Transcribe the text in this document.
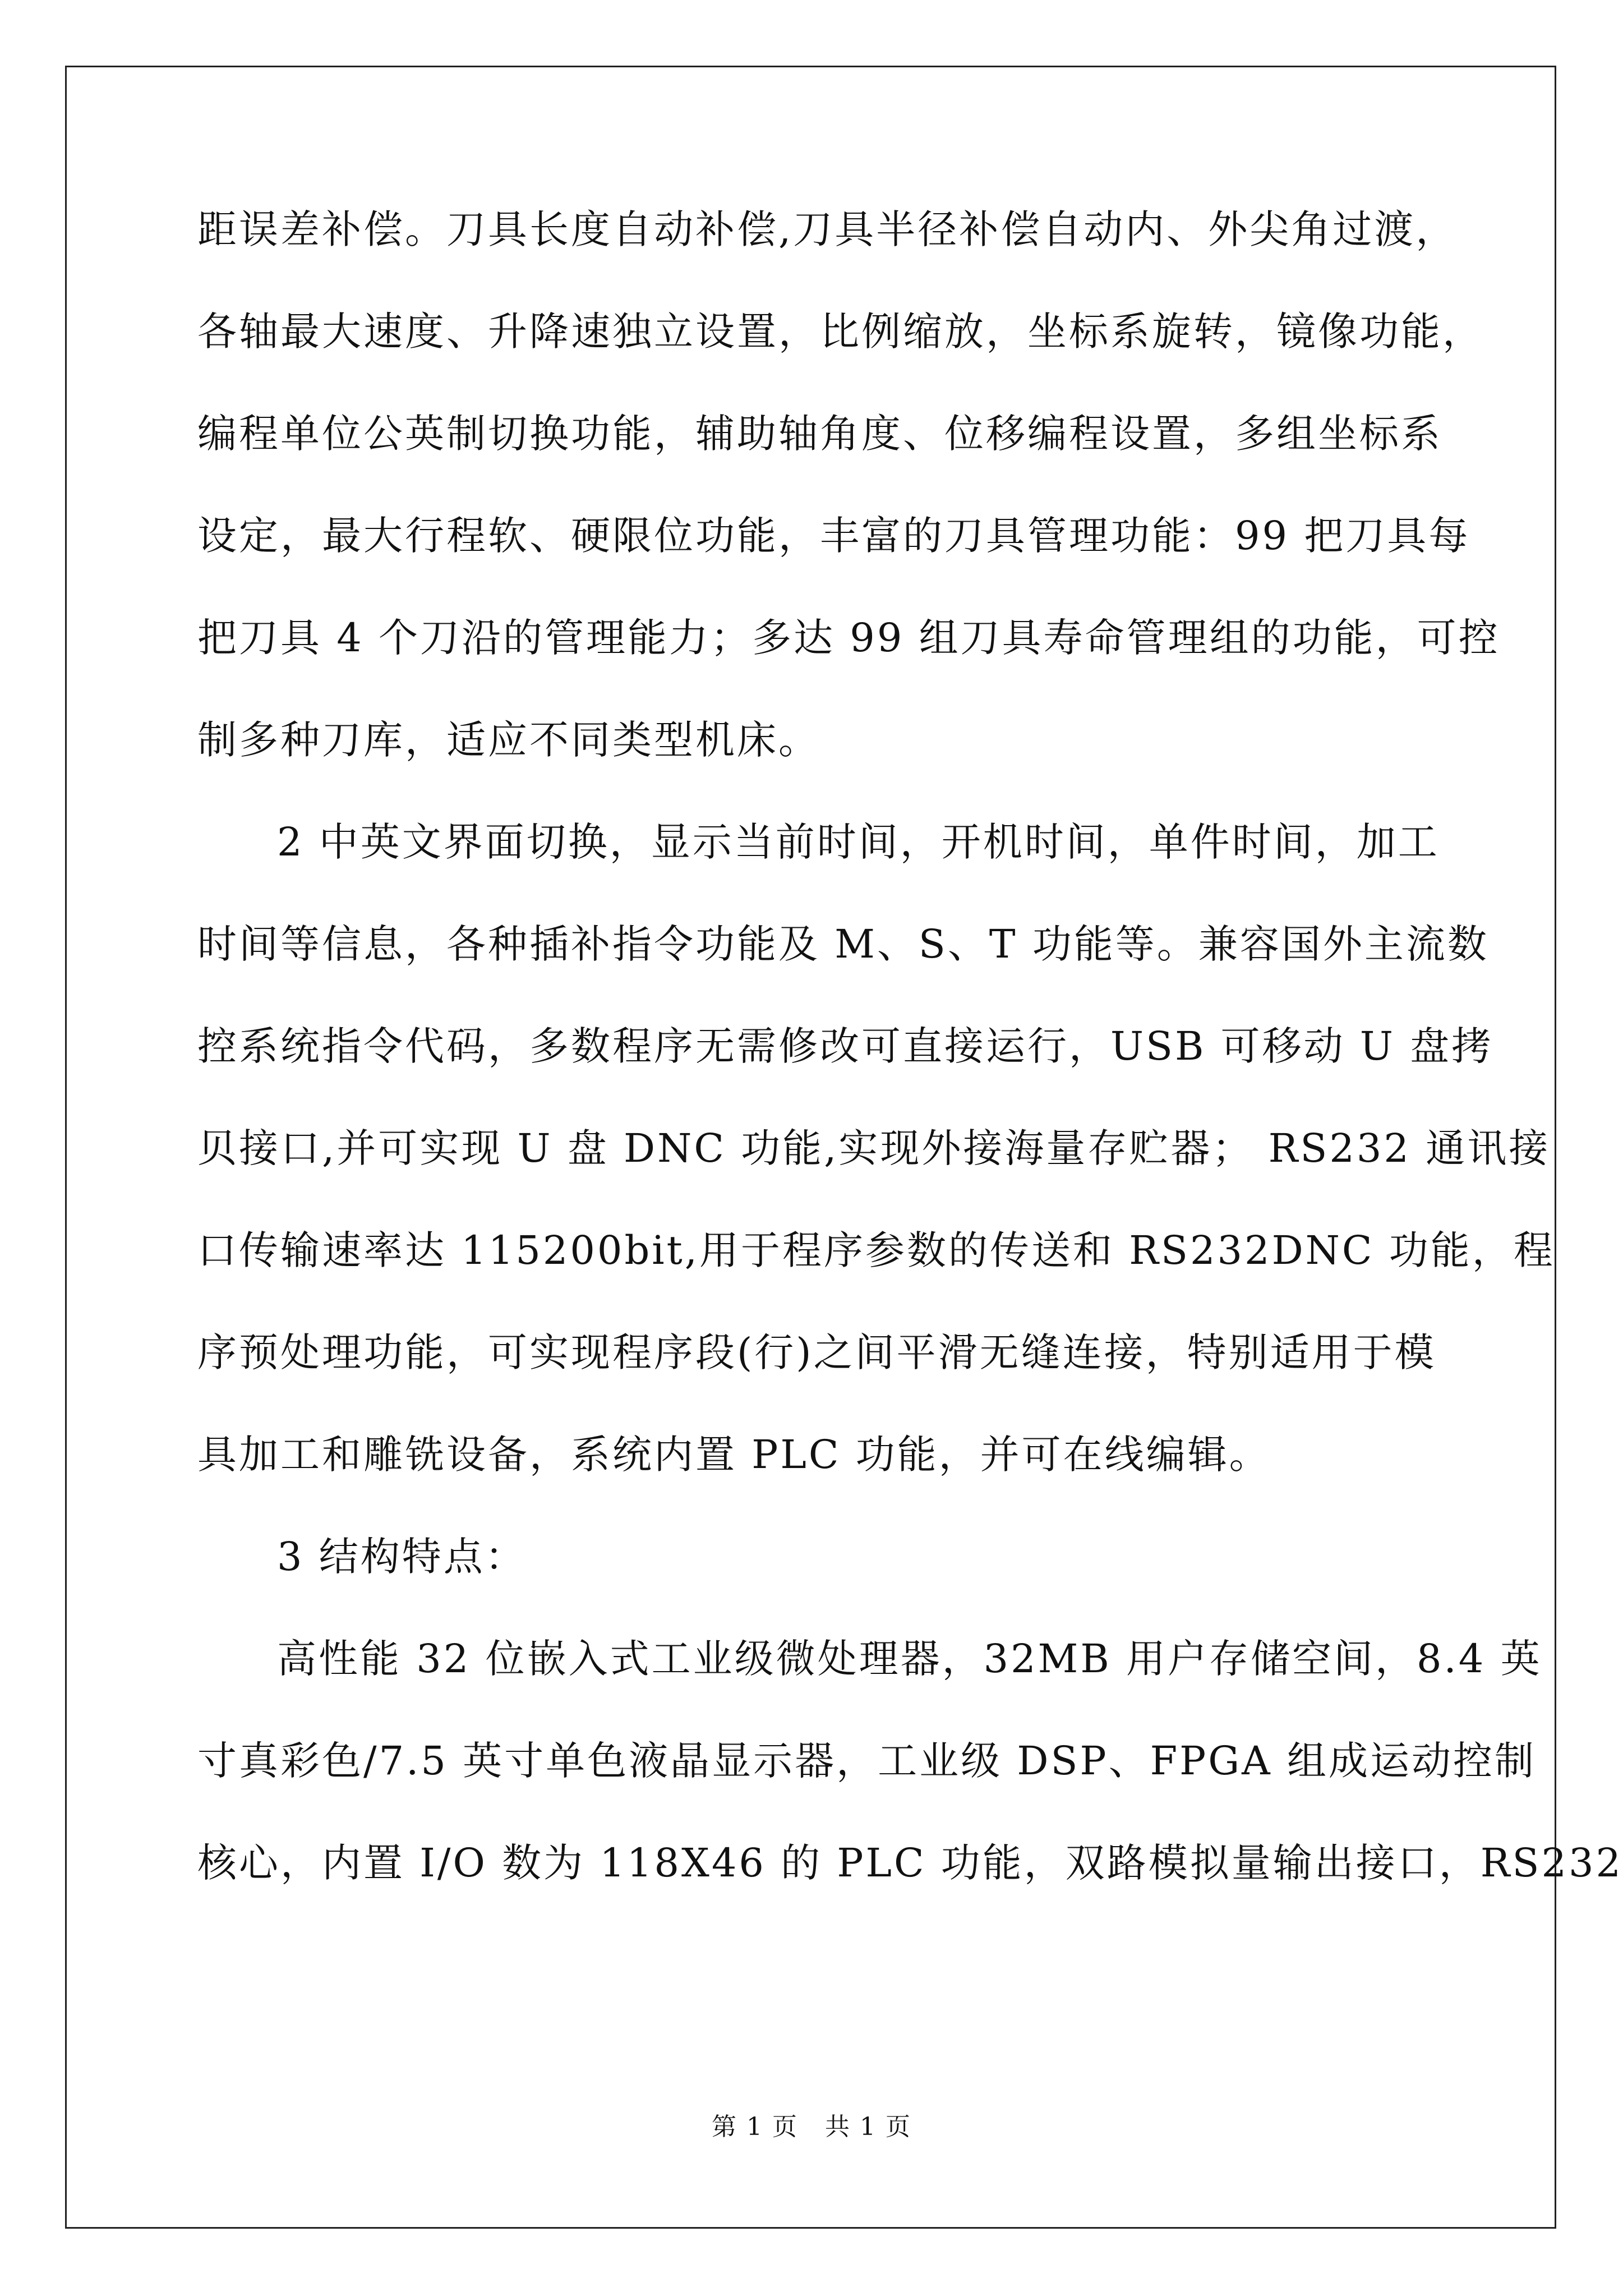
距误差补偿。刀具长度自动补偿,刀具半径补偿自动内、外尖角过渡，
各轴最大速度、升降速独立设置，比例缩放，坐标系旋转，镜像功能，
编程单位公英制切换功能，辅助轴角度、位移编程设置，多组坐标系
设定，最大行程软、硬限位功能，丰富的刀具管理功能：99 把刀具每
把刀具 4 个刀沿的管理能力；多达 99 组刀具寿命管理组的功能，可控
制多种刀库，适应不同类型机床。
2 中英文界面切换，显示当前时间，开机时间，单件时间，加工
时间等信息，各种插补指令功能及 M、S、T 功能等。兼容国外主流数
控系统指令代码，多数程序无需修改可直接运行，USB 可移动 U 盘拷
贝接口,并可实现 U 盘 DNC 功能,实现外接海量存贮器； RS232 通讯接
口传输速率达 115200bit,用于程序参数的传送和 RS232DNC 功能，程
序预处理功能，可实现程序段(行)之间平滑无缝连接，特别适用于模
具加工和雕铣设备，系统内置 PLC 功能，并可在线编辑。
3 结构特点：
高性能 32 位嵌入式工业级微处理器，32MB 用户存储空间，8.4 英
寸真彩色/7.5 英寸单色液晶显示器，工业级 DSP、FPGA 组成运动控制
核心，内置 I/O 数为 118X46 的 PLC 功能，双路模拟量输出接口，RS232
第 1 页   共 1 页
